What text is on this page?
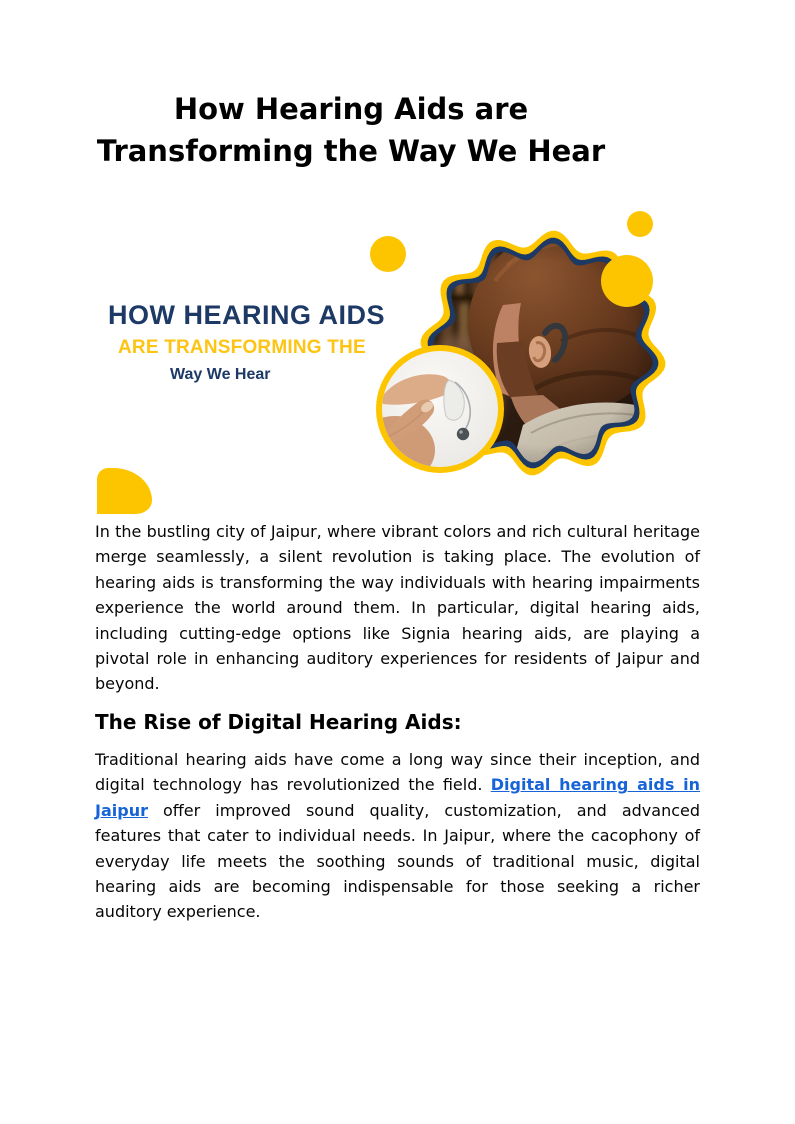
How Hearing Aids are
Transforming the Way We Hear
HOW HEARING AIDS
ARE TRANSFORMING THE
Way We Hear

In the bustling city of Jaipur, where vibrant colors and rich cultural heritage merge seamlessly, a silent revolution is taking place. The evolution of hearing aids is transforming the way individuals with hearing impairments experience the world around them. In particular, digital hearing aids, including cutting-edge options like Signia hearing aids, are playing a pivotal role in enhancing auditory experiences for residents of Jaipur and beyond.

The Rise of Digital Hearing Aids:

Traditional hearing aids have come a long way since their inception, and digital technology has revolutionized the field. Digital hearing aids in Jaipur offer improved sound quality, customization, and advanced features that cater to individual needs. In Jaipur, where the cacophony of everyday life meets the soothing sounds of traditional music, digital hearing aids are becoming indispensable for those seeking a richer auditory experience.
